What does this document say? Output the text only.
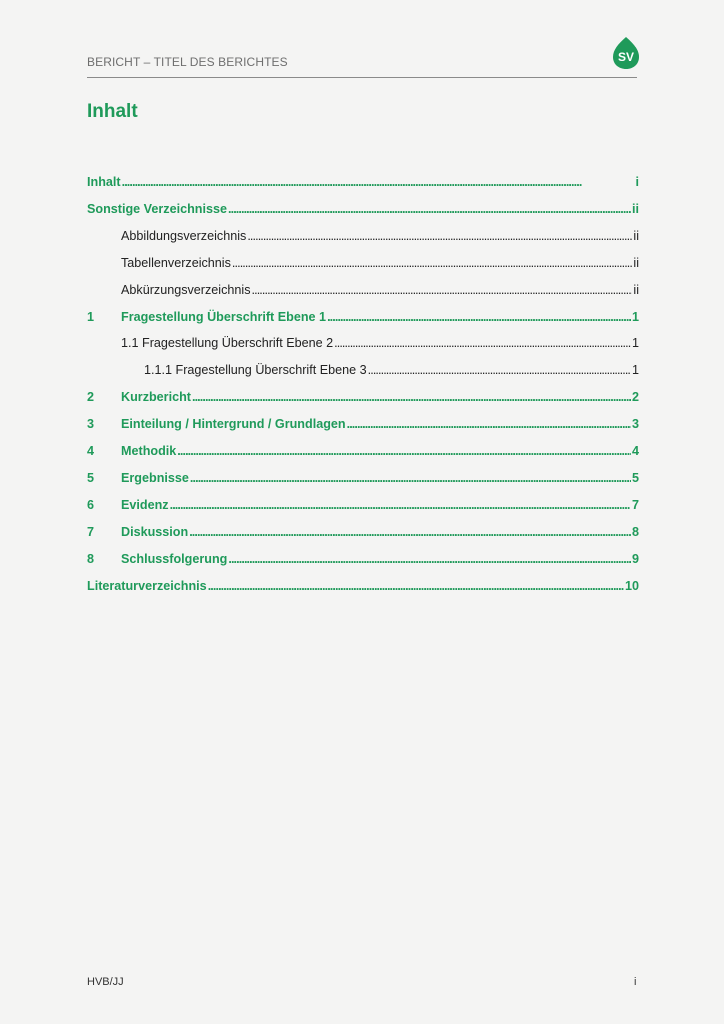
BERICHT – TITEL DES BERICHTES	SV
Inhalt
Inhalt . . .	i
Sonstige Verzeichnisse . . .	ii
Abbildungsverzeichnis . . .	ii
Tabellenverzeichnis . . .	ii
Abkürzungsverzeichnis . . .	ii
1	Fragestellung Überschrift Ebene 1 . . .	1
1.1 Fragestellung Überschrift Ebene 2 . . .	1
1.1.1 Fragestellung Überschrift Ebene 3 . . .	1
2	Kurzbericht . . .	2
3	Einteilung / Hintergrund / Grundlagen . . .	3
4	Methodik . . .	4
5	Ergebnisse . . .	5
6	Evidenz . . .	7
7	Diskussion . . .	8
8	Schlussfolgerung . . .	9
Literaturverzeichnis . . .	10
HVB/JJ	i
